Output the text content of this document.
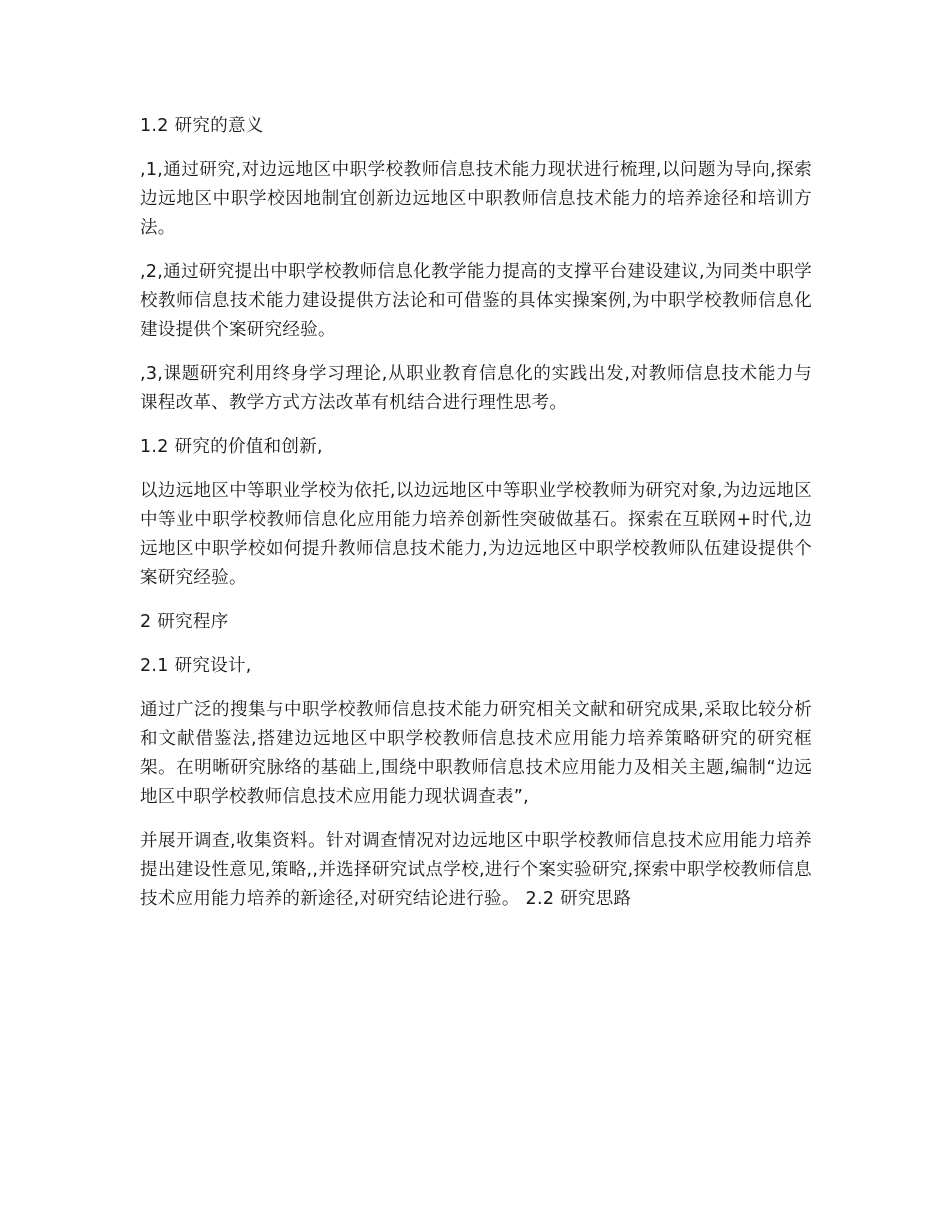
1.2 研究的意义

,1,通过研究,对边远地区中职学校教师信息技术能力现状进行梳理,以问题为导向,探索边远地区中职学校因地制宜创新边远地区中职教师信息技术能力的培养途径和培训方法。

,2,通过研究提出中职学校教师信息化教学能力提高的支撑平台建设建议,为同类中职学校教师信息技术能力建设提供方法论和可借鉴的具体实操案例,为中职学校教师信息化建设提供个案研究经验。

,3,课题研究利用终身学习理论,从职业教育信息化的实践出发,对教师信息技术能力与课程改革、教学方式方法改革有机结合进行理性思考。

1.2 研究的价值和创新,

以边远地区中等职业学校为依托,以边远地区中等职业学校教师为研究对象,为边远地区中等业中职学校教师信息化应用能力培养创新性突破做基石。探索在互联网+时代,边远地区中职学校如何提升教师信息技术能力,为边远地区中职学校教师队伍建设提供个案研究经验。

2 研究程序

2.1 研究设计,

通过广泛的搜集与中职学校教师信息技术能力研究相关文献和研究成果,采取比较分析和文献借鉴法,搭建边远地区中职学校教师信息技术应用能力培养策略研究的研究框架。在明晰研究脉络的基础上,围绕中职教师信息技术应用能力及相关主题,编制“边远地区中职学校教师信息技术应用能力现状调查表”,

并展开调查,收集资料。针对调查情况对边远地区中职学校教师信息技术应用能力培养提出建设性意见,策略,,并选择研究试点学校,进行个案实验研究,探索中职学校教师信息技术应用能力培养的新途径,对研究结论进行验。 2.2 研究思路
